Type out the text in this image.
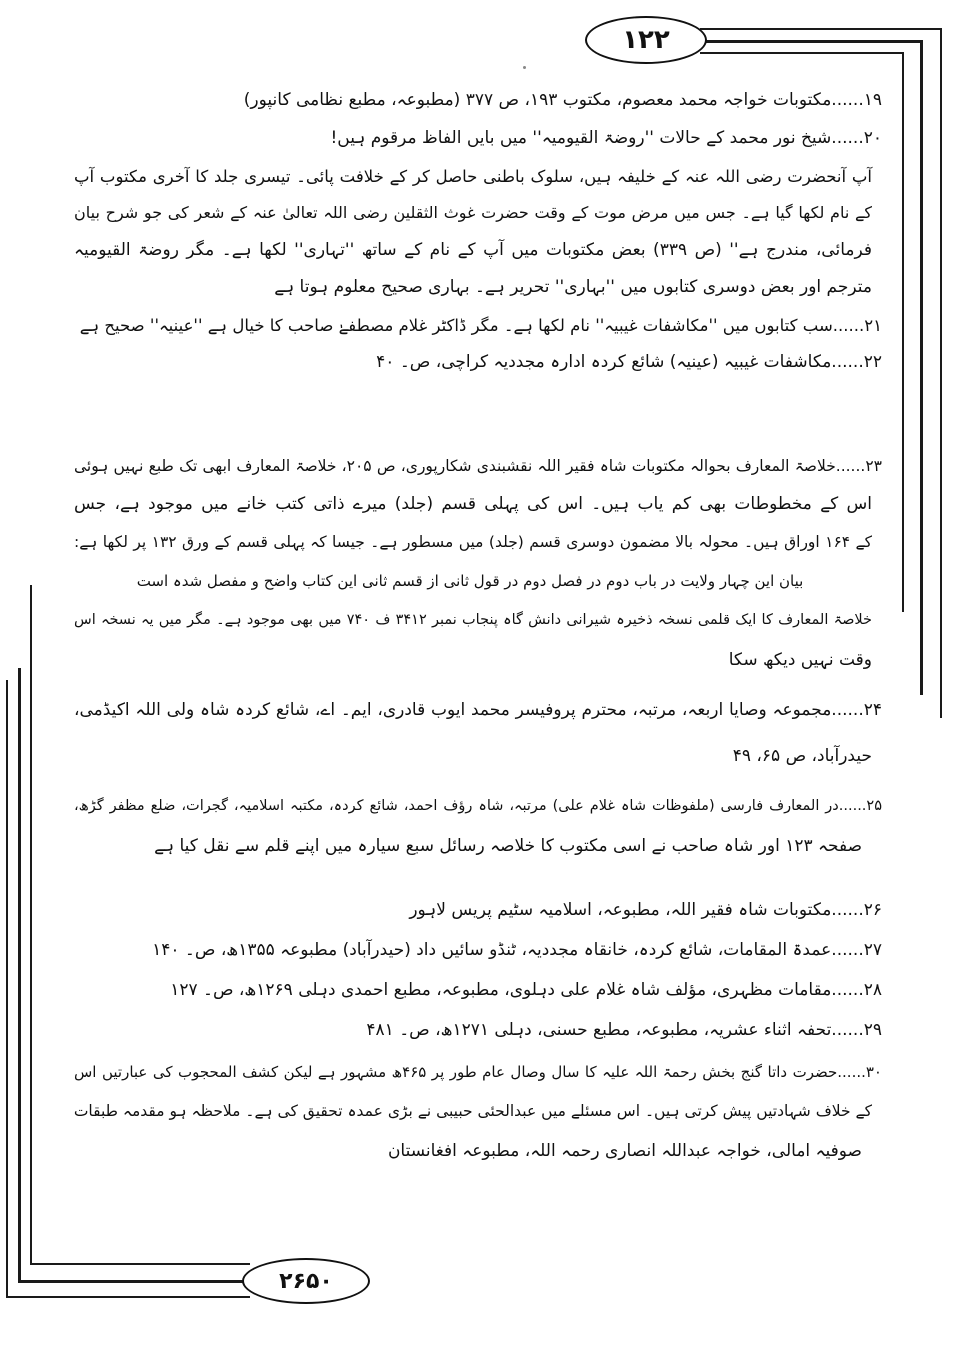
۱۲۲
۲۶۵۰
۱۹......مکتوبات خواجہ محمد معصوم، مکتوب ۱۹۳، ص ۳۷۷ (مطبوعہ، مطبع نظامی کانپور)
۲۰......شیخ نور محمد کے حالات ''روضۃ القیومیہ'' میں بایں الفاظ مرقوم ہیں!
آپ آنحضرت رضی اللہ عنہ کے خلیفہ ہیں، سلوک باطنی حاصل کر کے خلافت پائی۔ تیسری جلد کا آخری مکتوب آپ
کے نام لکھا گیا ہے۔ جس میں مرض موت کے وقت حضرت غوث الثقلین رضی اللہ تعالیٰ عنہ کے شعر کی جو شرح بیان
فرمائی، مندرج ہے'' (ص ۳۳۹) بعض مکتوبات میں آپ کے نام کے ساتھ ''تہاری'' لکھا ہے۔ مگر روضۃ القیومیہ
مترجم اور بعض دوسری کتابوں میں ''بہاری'' تحریر ہے۔ بہاری صحیح معلوم ہوتا ہے
۲۱......سب کتابوں میں ''مکاشفات غیبیہ'' نام لکھا ہے۔ مگر ڈاکٹر غلام مصطفےٰ صاحب کا خیال ہے ''عینیہ'' صحیح ہے
۲۲......مکاشفات غیبیہ (عینیہ) شائع کردہ ادارہ مجددیہ کراچی، ص۔ ۴۰
۲۳......خلاصۃ المعارف بحوالہ مکتوبات شاہ فقیر اللہ نقشبندی شکارپوری، ص ۲۰۵، خلاصۃ المعارف ابھی تک طبع نہیں ہوئی
اس کے مخطوطات بھی کم یاب ہیں۔ اس کی پہلی قسم (جلد) میرے ذاتی کتب خانے میں موجود ہے، جس
کے ۱۶۴ اوراق ہیں۔ محولہ بالا مضمون دوسری قسم (جلد) میں مسطور ہے۔ جیسا کہ پہلی قسم کے ورق ۱۳۲ پر لکھا ہے:
بیان این چہار ولایت در باب دوم در فصل دوم در قول ثانی از قسم ثانی این کتاب واضح و مفصل شدہ است
خلاصۃ المعارف کا ایک قلمی نسخہ ذخیرہ شیرانی دانش گاہ پنجاب نمبر ۳۴۱۲ ف ۷۴۰ میں بھی موجود ہے۔ مگر میں یہ نسخہ اس
وقت نہیں دیکھ سکا
۲۴......مجموعہ وصایا اربعہ، مرتبہ، محترم پروفیسر محمد ایوب قادری، ایم۔ اے، شائع کردہ شاہ ولی اللہ اکیڈمی،
حیدرآباد، ص ۶۵، ۴۹
۲۵......در المعارف فارسی (ملفوظات شاہ غلام علی) مرتبہ، شاہ رؤف احمد، شائع کردہ، مکتبہ اسلامیہ، گجرات، ضلع مظفر گڑھ،
صفحہ ۱۲۳ اور شاہ صاحب نے اسی مکتوب کا خلاصہ رسائل سبع سیارہ میں اپنے قلم سے نقل کیا ہے
۲۶......مکتوبات شاہ فقیر اللہ، مطبوعہ، اسلامیہ سٹیم پریس لاہور
۲۷......عمدۃ المقامات، شائع کردہ، خانقاہ مجددیہ، ٹنڈو سائیں داد (حیدرآباد) مطبوعہ ۱۳۵۵ھ، ص۔ ۱۴۰
۲۸......مقامات مظہری، مؤلف شاہ غلام علی دہلوی، مطبوعہ، مطبع احمدی دہلی ۱۲۶۹ھ، ص۔ ۱۲۷
۲۹......تحفہ اثناء عشریہ، مطبوعہ، مطبع حسنی، دہلی ۱۲۷۱ھ، ص۔ ۴۸۱
۳۰......حضرت داتا گنج بخش رحمۃ اللہ علیہ کا سال وصال عام طور پر ۴۶۵ھ مشہور ہے لیکن کشف المحجوب کی عبارتیں اس
کے خلاف شہادتیں پیش کرتی ہیں۔ اس مسئلے میں عبدالحئی حبیبی نے بڑی عمدہ تحقیق کی ہے۔ ملاحظہ ہو مقدمہ طبقات
صوفیہ امالی، خواجہ عبداللہ انصاری رحمہ اللہ، مطبوعہ افغانستان
